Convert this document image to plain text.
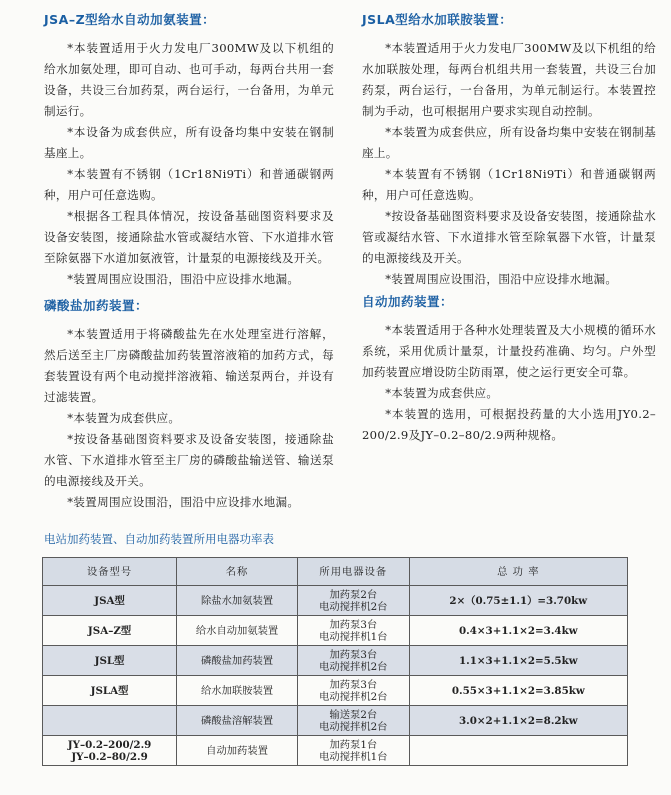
JSA–Z型给水自动加氨装置：

*本装置适用于火力发电厂300MW及以下机组的给水加氨处理，即可自动、也可手动，每两台共用一套设备，共设三台加药泵，两台运行，一台备用，为单元制运行。

*本设备为成套供应，所有设备均集中安装在钢制基座上。

*本装置有不锈钢（1Cr18Ni9Ti）和普通碳钢两种，用户可任意选购。

*根据各工程具体情况，按设备基础图资料要求及设备安装图，接通除盐水管或凝结水管、下水道排水管至除氨器下水道加氨液管，计量泵的电源接线及开关。

*装置周围应设围沿，围沿中应设排水地漏。

JSLA型给水加联胺装置：

*本装置适用于火力发电厂300MW及以下机组的给水加联胺处理，每两台机组共用一套装置，共设三台加药泵，两台运行，一台备用，为单元制运行。本装置控制为手动，也可根据用户要求实现自动控制。

*本装置为成套供应，所有设备均集中安装在钢制基座上。

*本装置有不锈钢（1Cr18Ni9Ti）和普通碳钢两种，用户可任意选购。

*按设备基础图资料要求及设备安装图，接通除盐水管或凝结水管、下水道排水管至除氧器下水管，计量泵的电源接线及开关。

*装置周围应设围沿，围沿中应设排水地漏。

磷酸盐加药装置：

*本装置适用于将磷酸盐先在水处理室进行溶解，然后送至主厂房磷酸盐加药装置溶液箱的加药方式，每套装置设有两个电动搅拌溶液箱、输送泵两台，并设有过滤装置。

*本装置为成套供应。

*按设备基础图资料要求及设备安装图，接通除盐水管、下水道排水管至主厂房的磷酸盐输送管、输送泵的电源接线及开关。

*装置周围应设围沿，围沿中应设排水地漏。

自动加药装置：

*本装置适用于各种水处理装置及大小规模的循环水系统，采用优质计量泵，计量投药准确、均匀。户外型加药装置应增设防尘防雨罩，使之运行更安全可靠。

*本装置为成套供应。

*本装置的选用，可根据投药量的大小选用JY0.2–200/2.9及JY–0.2–80/2.9两种规格。

电站加药装置、自动加药装置所用电器功率表
设备型号	名称	所用电器设备	总 功 率
JSA型	除盐水加氨装置	加药泵2台
电动搅拌机2台	2×（0.75±1.1）=3.70kw
JSA–Z型	给水自动加氨装置	加药泵3台
电动搅拌机1台	0.4×3+1.1×2=3.4kw
JSL型	磷酸盐加药装置	加药泵3台
电动搅拌机2台	1.1×3+1.1×2=5.5kw
JSLA型	给水加联胺装置	加药泵3台
电动搅拌机2台	0.55×3+1.1×2=3.85kw
	磷酸盐溶解装置	输送泵2台
电动搅拌机2台	3.0×2+1.1×2=8.2kw
JY–0.2–200/2.9
JY–0.2–80/2.9	自动加药装置	加药泵1台
电动搅拌机1台	
